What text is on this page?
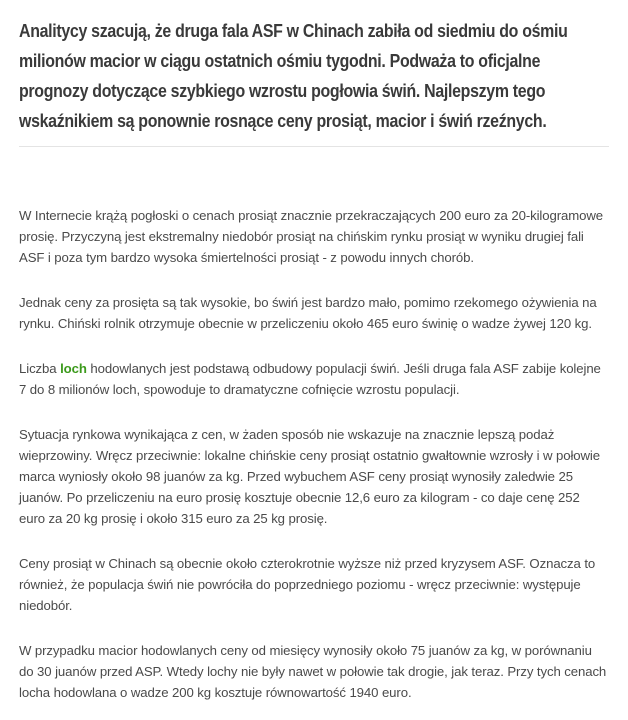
Analitycy szacują, że druga fala ASF w Chinach zabiła od siedmiu do ośmiu milionów macior w ciągu ostatnich ośmiu tygodni. Podważa to oficjalne prognozy dotyczące szybkiego wzrostu pogłowia świń. Najlepszym tego wskaźnikiem są ponownie rosnące ceny prosiąt, macior i świń rzeźnych.

W Internecie krążą pogłoski o cenach prosiąt znacznie przekraczających 200 euro za 20-kilogramowe prosię. Przyczyną jest ekstremalny niedobór prosiąt na chińskim rynku prosiąt w wyniku drugiej fali ASF i poza tym bardzo wysoka śmiertelności prosiąt - z powodu innych chorób.

Jednak ceny za prosięta są tak wysokie, bo świń jest bardzo mało, pomimo rzekomego ożywienia na rynku. Chiński rolnik otrzymuje obecnie w przeliczeniu około 465 euro świnię o wadze żywej 120 kg.

Liczba loch hodowlanych jest podstawą odbudowy populacji świń. Jeśli druga fala ASF zabije kolejne 7 do 8 milionów loch, spowoduje to dramatyczne cofnięcie wzrostu populacji.

Sytuacja rynkowa wynikająca z cen, w żaden sposób nie wskazuje na znacznie lepszą podaż wieprzowiny. Wręcz przeciwnie: lokalne chińskie ceny prosiąt ostatnio gwałtownie wzrosły i w połowie marca wyniosły około 98 juanów za kg. Przed wybuchem ASF ceny prosiąt wynosiły zaledwie 25 juanów. Po przeliczeniu na euro prosię kosztuje obecnie 12,6 euro za kilogram - co daje cenę 252 euro za 20 kg prosię i około 315 euro za 25 kg prosię.

Ceny prosiąt w Chinach są obecnie około czterokrotnie wyższe niż przed kryzysem ASF. Oznacza to również, że populacja świń nie powróciła do poprzedniego poziomu - wręcz przeciwnie: występuje niedobór.

W przypadku macior hodowlanych ceny od miesięcy wynosiły około 75 juanów za kg, w porównaniu do 30 juanów przed ASP. Wtedy lochy nie były nawet w połowie tak drogie, jak teraz. Przy tych cenach locha hodowlana o wadze 200 kg kosztuje równowartość 1940 euro.
